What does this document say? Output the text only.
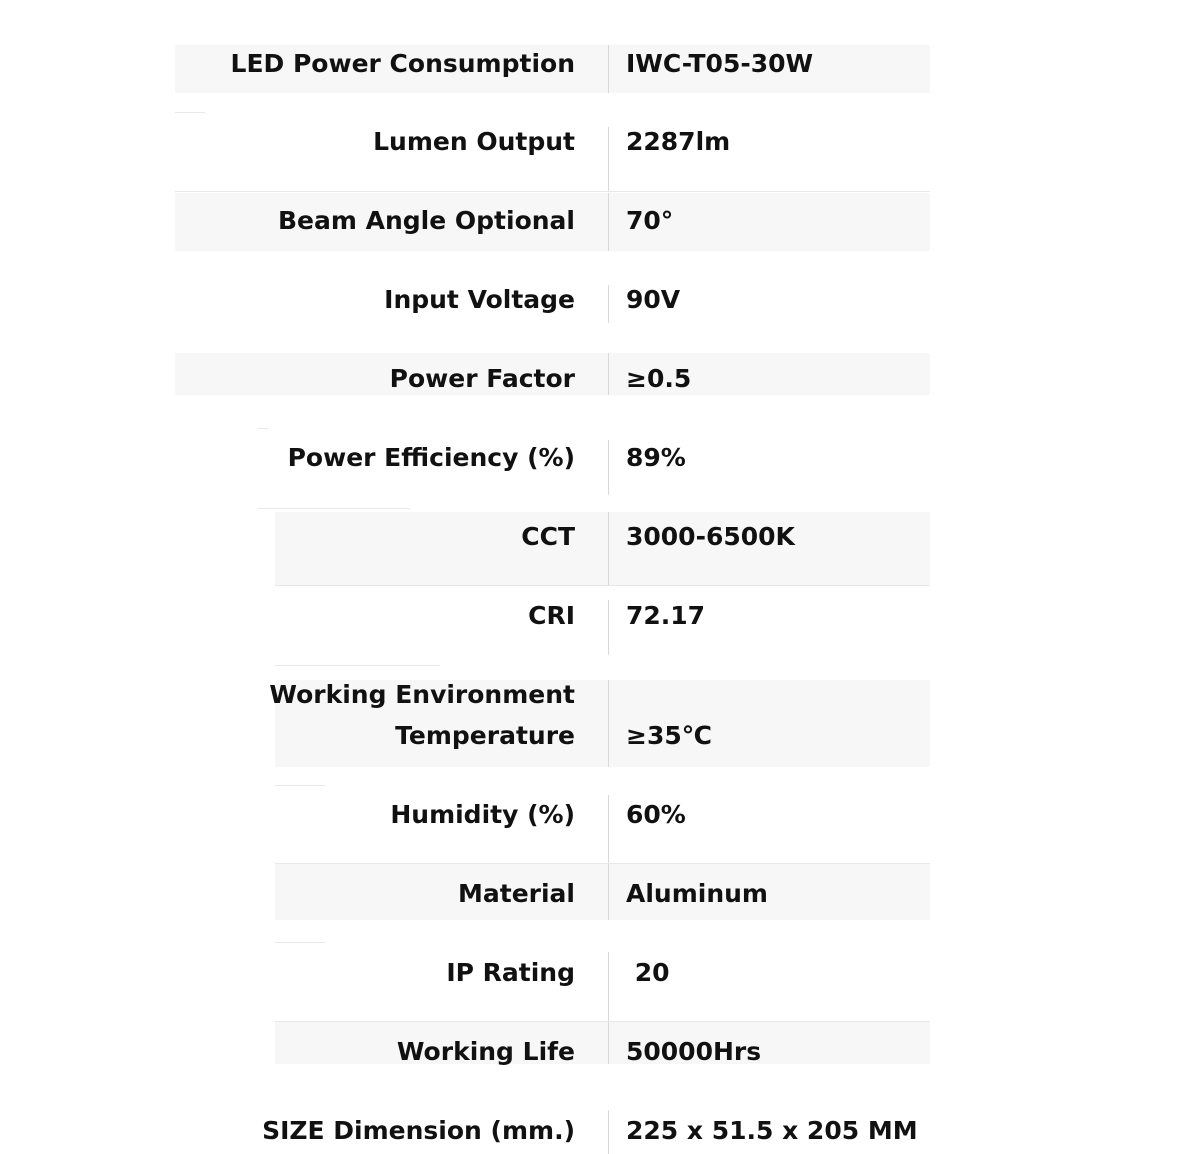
LED Power Consumption	IWC-T05-30W
Lumen Output	2287lm
Beam Angle Optional	70°
Input Voltage	90V
Power Factor	≥0.5
Power Efficiency (%)	89%
CCT	3000-6500K
CRI	72.17
Working Environment
Temperature	≥35℃
Humidity (%)	60%
Material	Aluminum
IP Rating	20
Working Life	50000Hrs
SIZE Dimension (mm.)	225 x 51.5 x 205 MM
